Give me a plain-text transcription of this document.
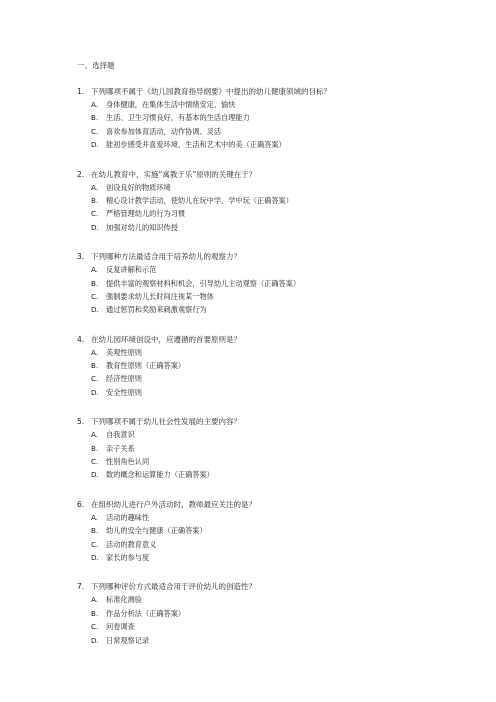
一、选择题
1. 下列哪项不属于《幼儿园教育指导纲要》中提出的幼儿健康领域的目标？
A. 身体健康，在集体生活中情绪安定、愉快
B. 生活、卫生习惯良好，有基本的生活自理能力
C. 喜欢参加体育活动，动作协调、灵活
D. 能初步感受并喜爱环境、生活和艺术中的美（正确答案）
2. 在幼儿教育中，实施“寓教于乐”原则的关键在于？
A. 创设良好的物质环境
B. 精心设计教学活动，使幼儿在玩中学、学中玩（正确答案）
C. 严格管理幼儿的行为习惯
D. 加强对幼儿的知识传授
3. 下列哪种方法最适合用于培养幼儿的观察力？
A. 反复讲解和示范
B. 提供丰富的观察材料和机会，引导幼儿主动观察（正确答案）
C. 强制要求幼儿长时间注视某一物体
D. 通过惩罚和奖励来刺激观察行为
4. 在幼儿园环境创设中，应遵循的首要原则是？
A. 美观性原则
B. 教育性原则（正确答案）
C. 经济性原则
D. 安全性原则
5. 下列哪项不属于幼儿社会性发展的主要内容？
A. 自我意识
B. 亲子关系
C. 性别角色认同
D. 数的概念和运算能力（正确答案）
6. 在组织幼儿进行户外活动时，教师最应关注的是？
A. 活动的趣味性
B. 幼儿的安全与健康（正确答案）
C. 活动的教育意义
D. 家长的参与度
7. 下列哪种评价方式最适合用于评价幼儿的创造性？
A. 标准化测验
B. 作品分析法（正确答案）
C. 问卷调查
D. 日常观察记录
